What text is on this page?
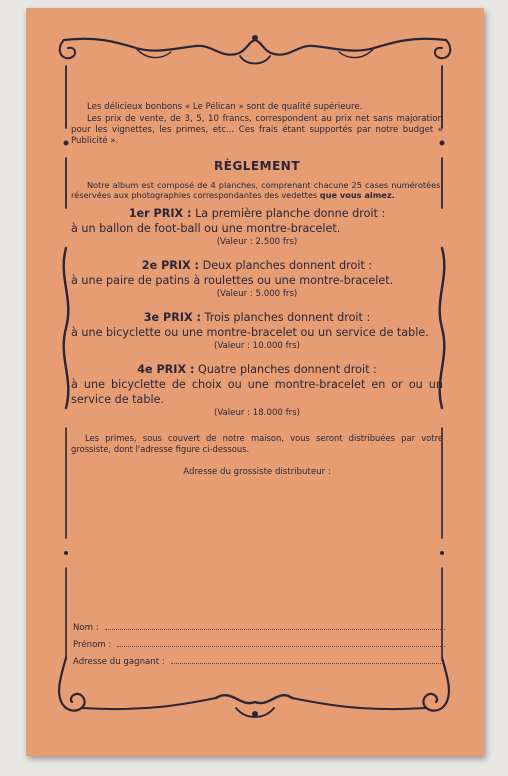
Les délicieux bonbons « Le Pélican » sont de qualité supérieure.

Les prix de vente, de 3, 5, 10 francs, correspondent au prix net sans majoration pour les vignettes, les primes, etc... Ces frais étant supportés par notre budget « Publicité ».

RÈGLEMENT

Notre album est composé de 4 planches, comprenant chacune 25 cases numérotées, réservées aux photographies correspondantes des vedettes que vous aimez.

1er PRIX : La première planche donne droit :
à un ballon de foot-ball ou une montre-bracelet.
(Valeur : 2.500 frs)
2e PRIX : Deux planches donnent droit :
à une paire de patins à roulettes ou une montre-bracelet.
(Valeur : 5.000 frs)
3e PRIX : Trois planches donnent droit :
à une bicyclette ou une montre-bracelet ou un service de table.
(Valeur : 10.000 frs)
4e PRIX : Quatre planches donnent droit :
à une bicyclette de choix ou une montre-bracelet en or ou un service de table.
(Valeur : 18.000 frs)

Les primes, sous couvert de notre maison, vous seront distribuées par votre grossiste, dont l'adresse figure ci-dessous.

Adresse du grossiste distributeur :
Nom :
Prénom :
Adresse du gagnant :
